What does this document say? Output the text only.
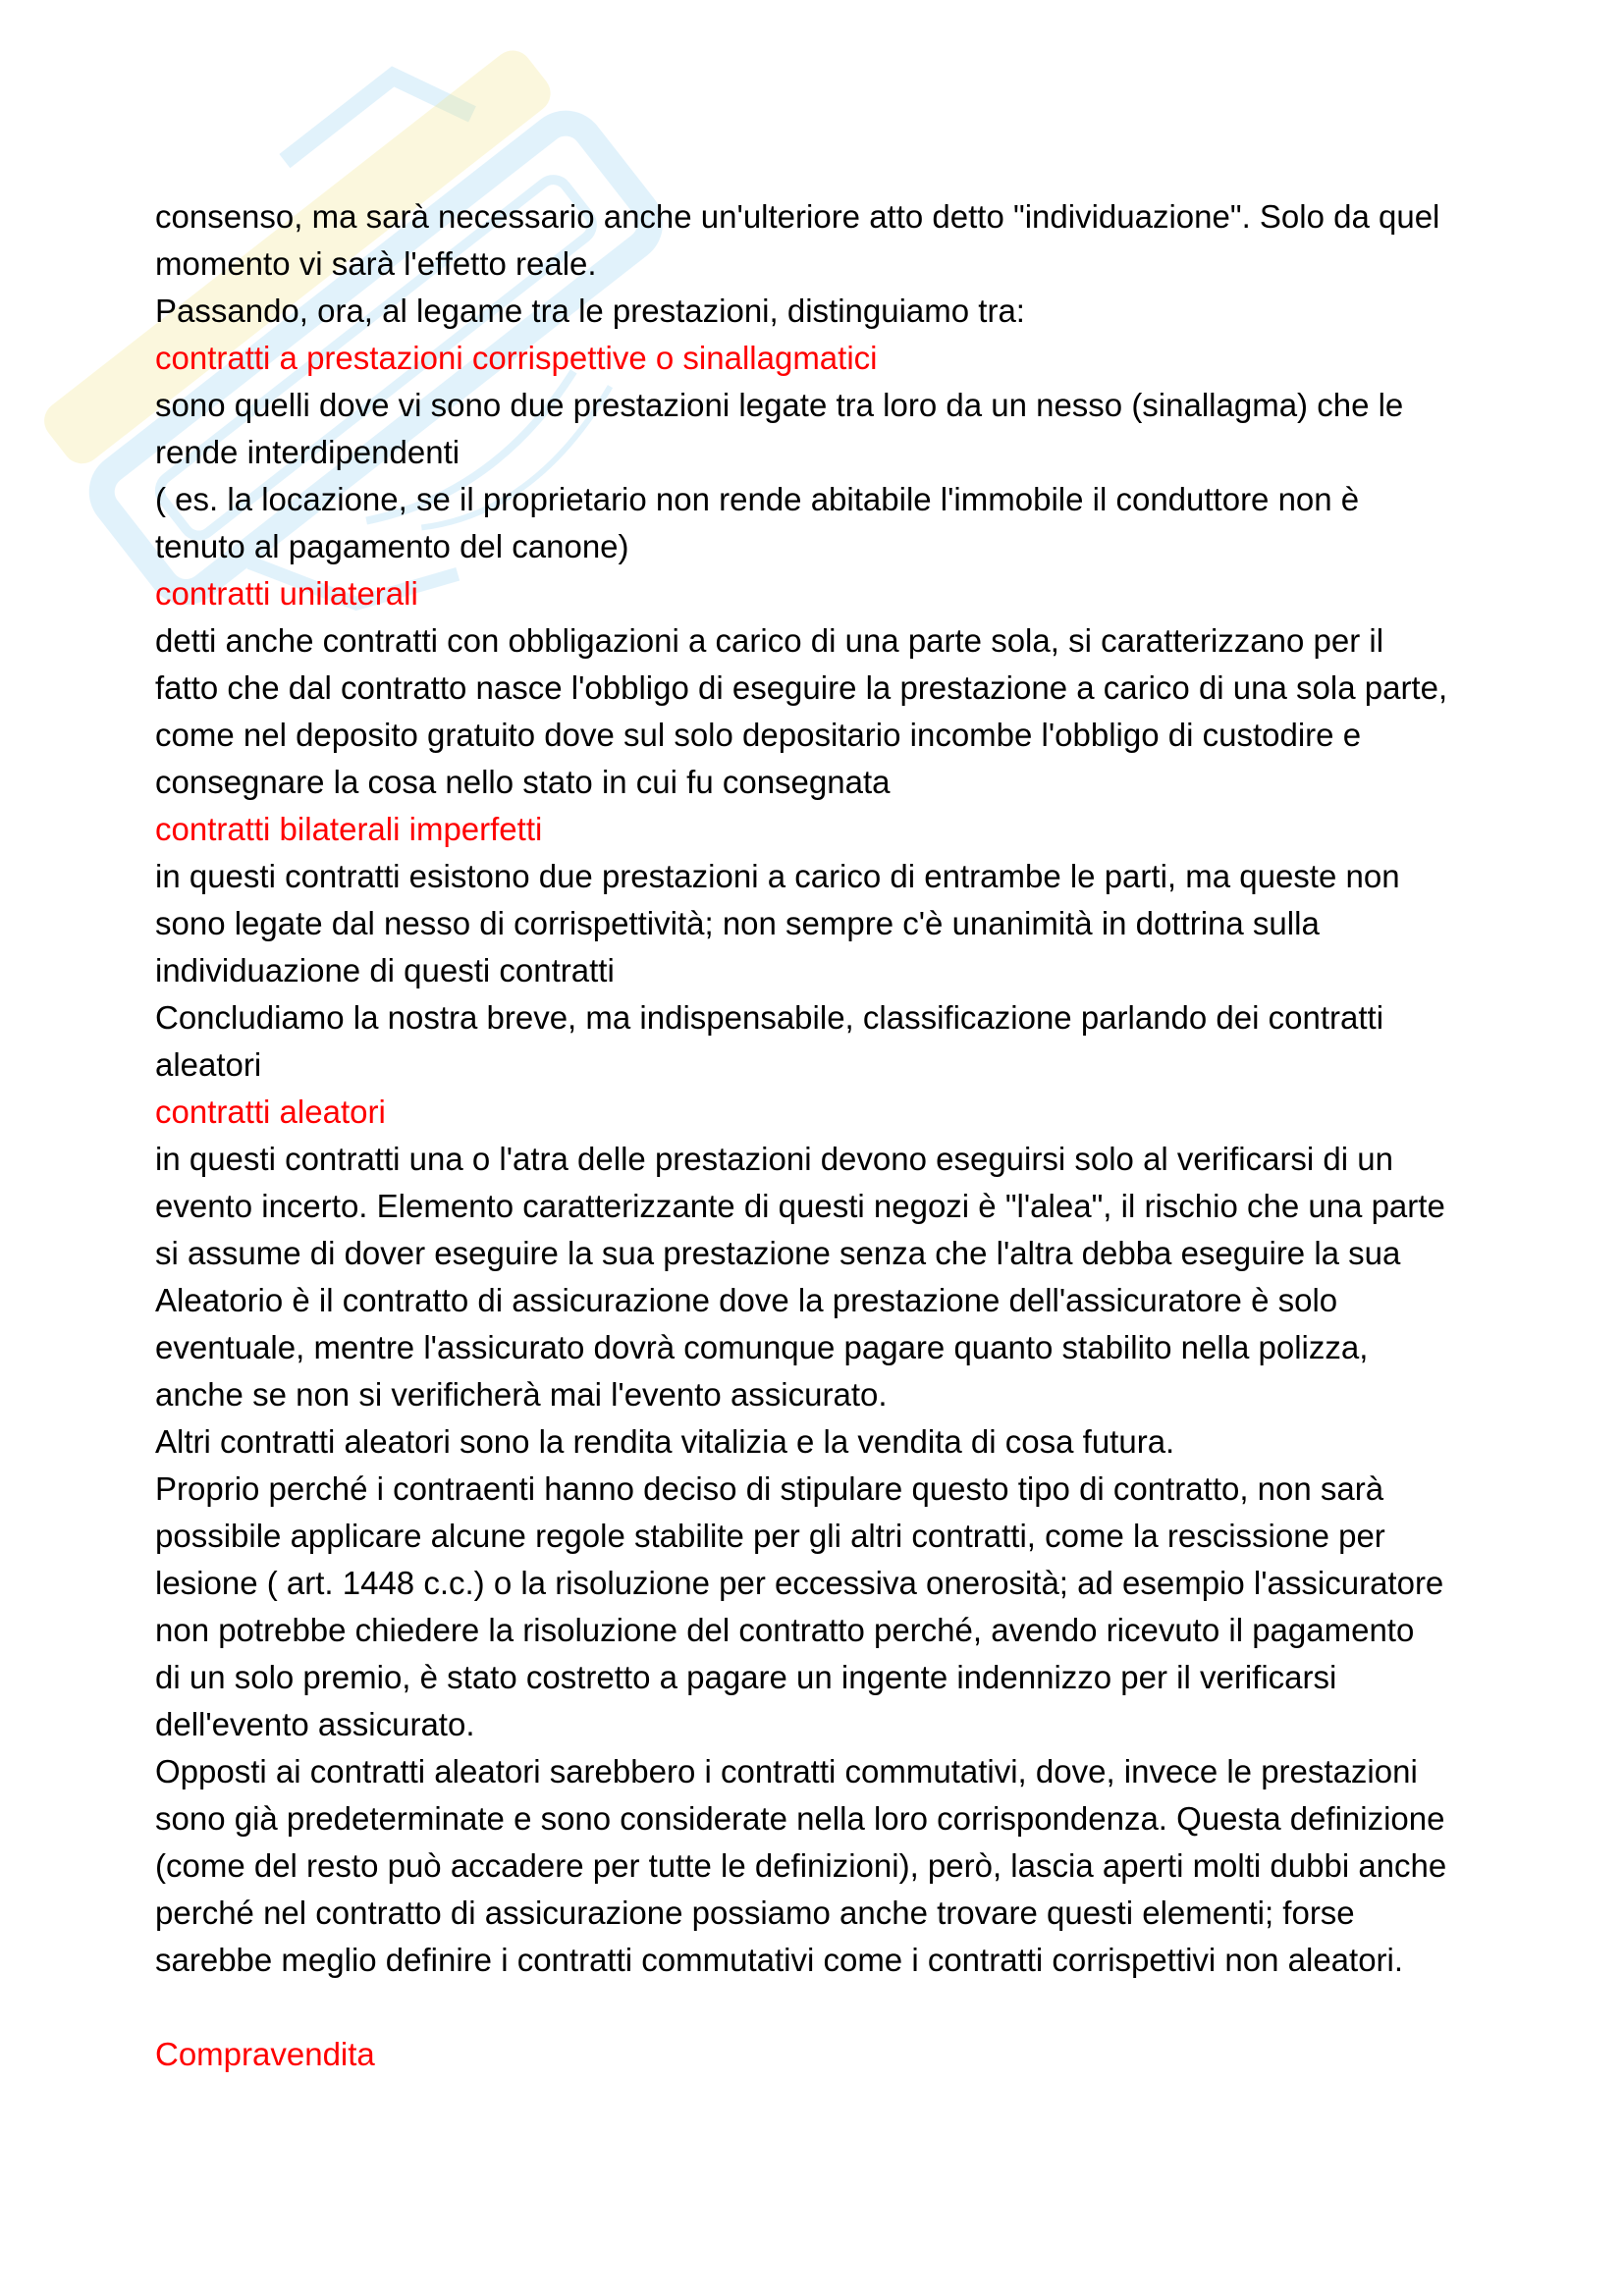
consenso, ma sarà necessario anche un'ulteriore atto detto "individuazione". Solo da quel

momento vi sarà l'effetto reale.

Passando, ora, al legame tra le prestazioni, distinguiamo tra:

contratti a prestazioni corrispettive o sinallagmatici

sono quelli dove vi sono due prestazioni legate tra loro da un nesso (sinallagma) che le

rende interdipendenti

( es. la locazione, se il proprietario non rende abitabile l'immobile il conduttore non è

tenuto al pagamento del canone)

contratti unilaterali

detti anche contratti con obbligazioni a carico di una parte sola, si caratterizzano per il

fatto che dal contratto nasce l'obbligo di eseguire la prestazione a carico di una sola parte,

come nel deposito gratuito dove sul solo depositario incombe l'obbligo di custodire e

consegnare la cosa nello stato in cui fu consegnata

contratti bilaterali imperfetti

in questi contratti esistono due prestazioni a carico di entrambe le parti, ma queste non

sono legate dal nesso di corrispettività; non sempre c'è unanimità in dottrina sulla

individuazione di questi contratti

Concludiamo la nostra breve, ma indispensabile, classificazione parlando dei contratti

aleatori

contratti aleatori

in questi contratti una o l'atra delle prestazioni devono eseguirsi solo al verificarsi di un

evento incerto. Elemento caratterizzante di questi negozi è "l'alea", il rischio che una parte

si assume di dover eseguire la sua prestazione senza che l'altra debba eseguire la sua

Aleatorio è il contratto di assicurazione dove la prestazione dell'assicuratore è solo

eventuale, mentre l'assicurato dovrà comunque pagare quanto stabilito nella polizza,

anche se non si verificherà mai l'evento assicurato.

Altri contratti aleatori sono la rendita vitalizia e la vendita di cosa futura.

Proprio perché i contraenti hanno deciso di stipulare questo tipo di contratto, non sarà

possibile applicare alcune regole stabilite per gli altri contratti, come la rescissione per

lesione ( art. 1448 c.c.) o la risoluzione per eccessiva onerosità; ad esempio l'assicuratore

non potrebbe chiedere la risoluzione del contratto perché, avendo ricevuto il pagamento

di un solo premio, è stato costretto a pagare un ingente indennizzo per il verificarsi

dell'evento assicurato.

Opposti ai contratti aleatori sarebbero i contratti commutativi, dove, invece le prestazioni

sono già predeterminate e sono considerate nella loro corrispondenza. Questa definizione

(come del resto può accadere per tutte le definizioni), però, lascia aperti molti dubbi anche

perché nel contratto di assicurazione possiamo anche trovare questi elementi; forse

sarebbe meglio definire i contratti commutativi come i contratti corrispettivi non aleatori.

Compravendita
